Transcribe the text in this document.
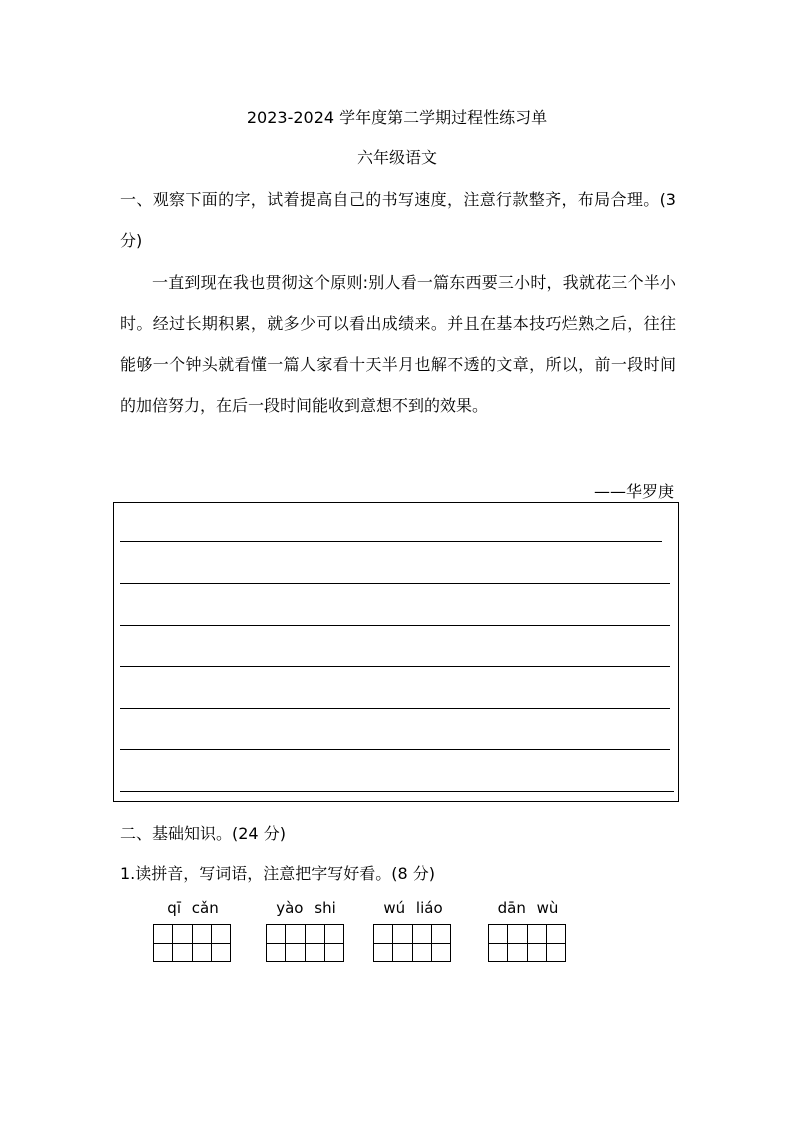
2023-2024 学年度第二学期过程性练习单
六年级语文
一、观察下面的字，试着提高自己的书写速度，注意行款整齐，布局合理。(3 分)
一直到现在我也贯彻这个原则:别人看一篇东西要三小时，我就花三个半小时。经过长期积累，就多少可以看出成绩来。并且在基本技巧烂熟之后，往往能够一个钟头就看懂一篇人家看十天半月也解不透的文章，所以，前一段时间的加倍努力，在后一段时间能收到意想不到的效果。
——华罗庚
二、基础知识。(24 分)
1.读拼音，写词语，注意把字写好看。(8 分)
qī cǎn	yào shi	wú liáo	dān wù
